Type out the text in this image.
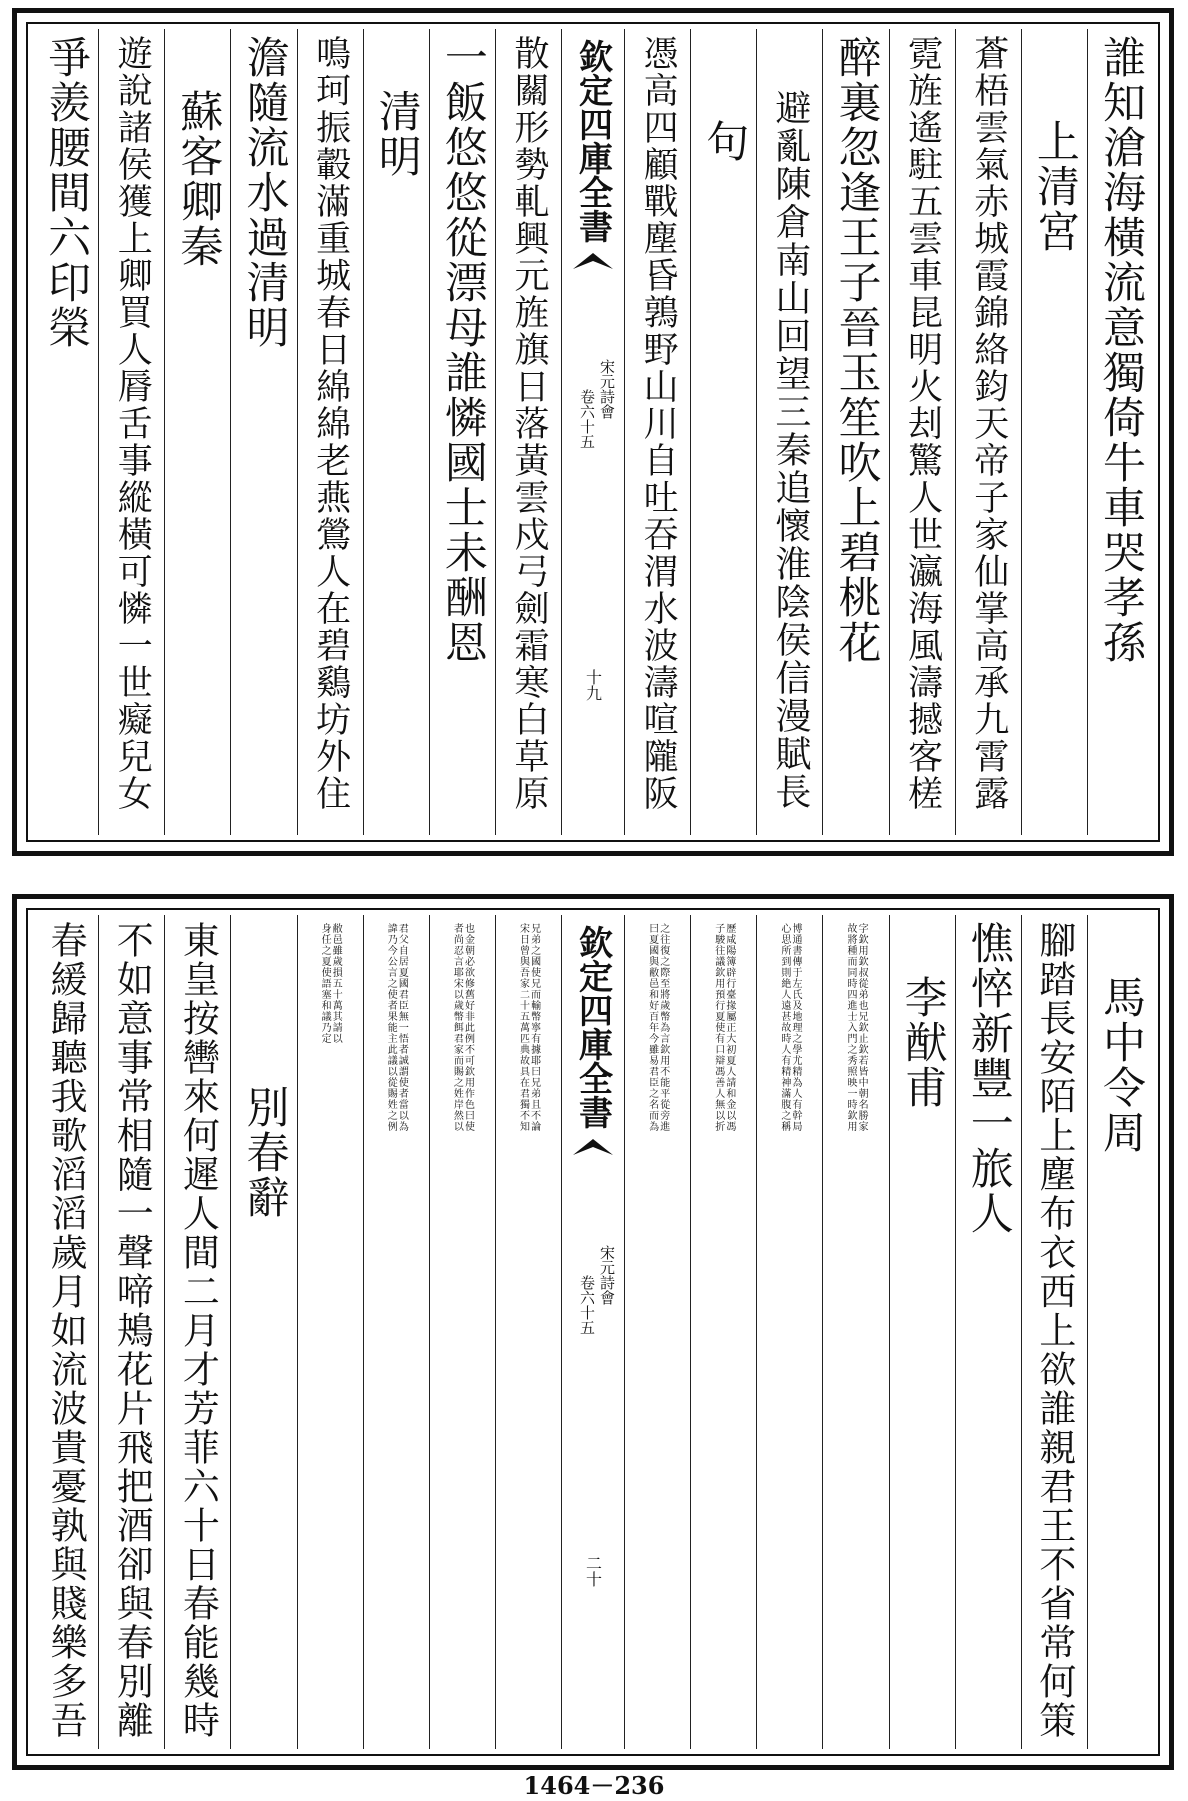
誰知滄海橫流意獨倚牛車哭孝孫
上清宮
蒼梧雲氣赤城霞錦絡鈞天帝子家仙掌高承九霄露
霓旌遙駐五雲車昆明火刦驚人世瀛海風濤撼客槎
醉裏忽逢王子晉玉笙吹上碧桃花
避亂陳倉南山回望三秦追懷淮陰侯信漫賦長
句
憑高四顧戰塵昏鶉野山川自吐吞渭水波濤喧隴阪
欽定四庫全書
宋元詩會
卷六十五
十九
散關形勢軋興元旌旗日落黃雲戍弓劍霜寒白草原
一飯悠悠從漂母誰憐國士未酬恩
清明
鳴珂振轂滿重城春日綿綿老燕鶯人在碧鷄坊外住
澹隨流水過清明
蘇客卿秦
遊說諸侯獲上卿買人脣舌事縱橫可憐一世癡兒女
爭羨腰間六印榮
馬中令周
腳踏長安陌上塵布衣西上欲誰親君王不省常何策
憔悴新豐一旅人
李猷甫
字欽用欽叔從弟也兄欽止欽若皆中朝名勝家
故將種而同時四進士入門之秀照映一時欽用
博通書傳于左氏及地理之學尤精為人有幹局
心思所到則絶人遠甚故時人有精神滿腹之稱
歷咸陽簿辟行臺掾屬正大初夏人請和金以馮
子駿往議欽用預行夏使有口辯馮善人無以折
之往復之際至將歲幣為言欽用不能平從旁進
曰夏國與敝邑和好百年今雖易君臣之名而為
欽定四庫全書
宋元詩會
卷六十五
二十
兄弟之國使兄而輸幣寧有據耶曰兄弟且不論
宋日曾與吾家二十五萬匹典故具在君獨不知
也金朝必欲修舊好非此例不可欽用作色曰使
者尚忍言耶宋以歲幣餌君家而賜之姓岸然以
君父自居夏國君臣無一悟者誠謂使者當以為
諱乃今公言之使者果能主此議以從賜姓之例
敝邑雖歲損五十萬其請以
身任之夏使語塞和議乃定
別春辭
東皇按轡來何遲人間二月才芳菲六十日春能幾時
不如意事常相隨一聲啼鴂花片飛把酒卻與春別離
春緩歸聽我歌滔滔歲月如流波貴憂孰與賤樂多吾
1464－236
